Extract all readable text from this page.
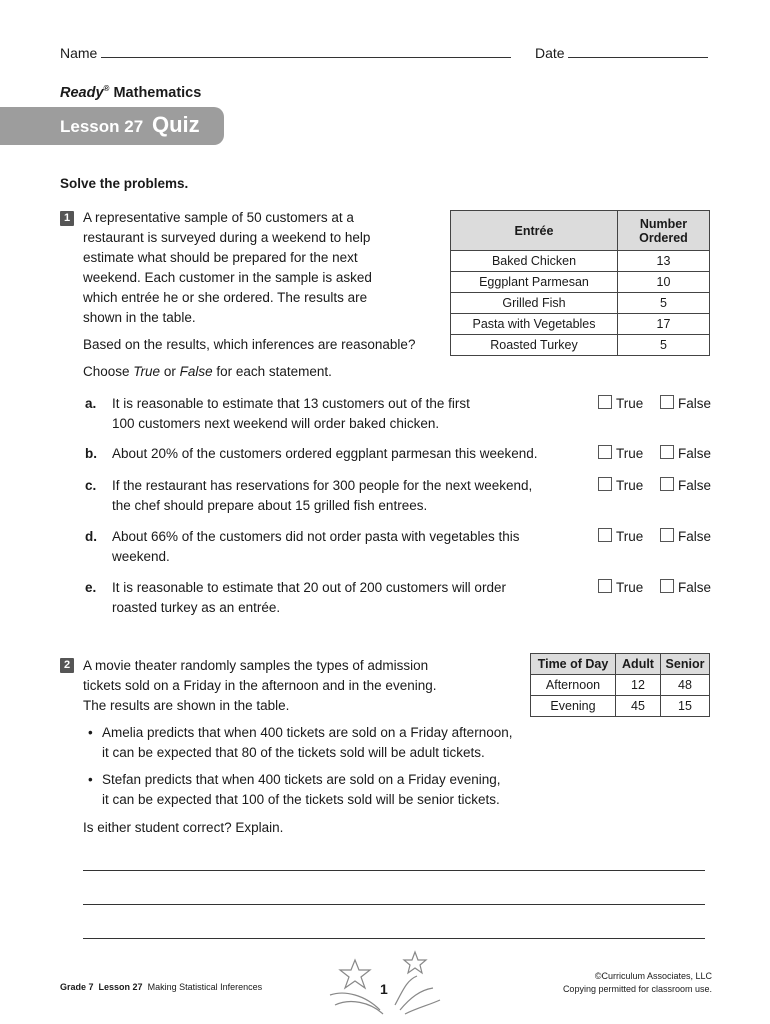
Name	Date
Ready® Mathematics
Lesson 27 Quiz
Solve the problems.
1 A representative sample of 50 customers at a
restaurant is surveyed during a weekend to help
estimate what should be prepared for the next
weekend. Each customer in the sample is asked
which entrée he or she ordered. The results are
shown in the table.
Based on the results, which inferences are reasonable?
Choose True or False for each statement.
Entrée	Number
Ordered

Baked Chicken	13
Eggplant Parmesan	10
Grilled Fish	5
Pasta with Vegetables	17
Roasted Turkey	5
a. It is reasonable to estimate that 13 customers out of the first
100 customers next weekend will order baked chicken.
b. About 20% of the customers ordered eggplant parmesan this weekend.
c. If the restaurant has reservations for 300 people for the next weekend,
the chef should prepare about 15 grilled fish entrees.
d. About 66% of the customers did not order pasta with vegetables this
weekend.
e. It is reasonable to estimate that 20 out of 200 customers will order
roasted turkey as an entrée.
True	False
True	False
True	False
True	False
True	False
2 A movie theater randomly samples the types of admission
tickets sold on a Friday in the afternoon and in the evening.
The results are shown in the table.
Time of Day	Adult	Senior
Afternoon	12	48
Evening	45	15
• Amelia predicts that when 400 tickets are sold on a Friday afternoon,
it can be expected that 80 of the tickets sold will be adult tickets.
• Stefan predicts that when 400 tickets are sold on a Friday evening,
it can be expected that 100 of the tickets sold will be senior tickets.
Is either student correct? Explain.
Grade 7 Lesson 27 Making Statistical Inferences	1
©Curriculum Associates, LLC
Copying permitted for classroom use.
